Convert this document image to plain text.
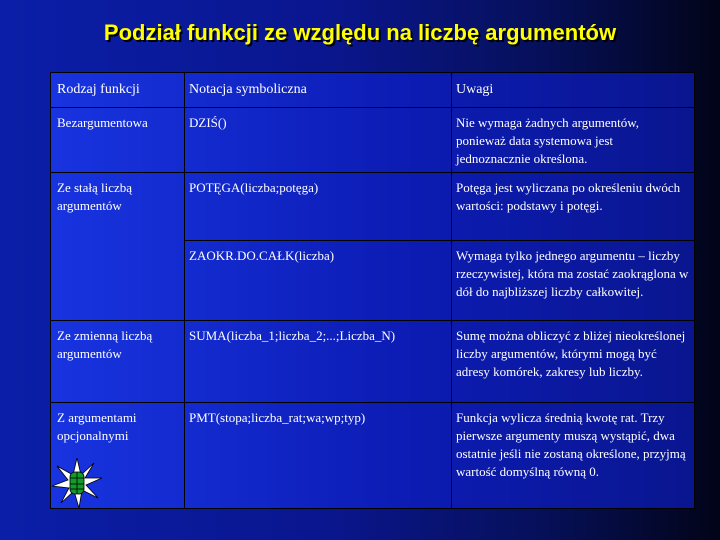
Podział funkcji ze względu na liczbę argumentów
Rodzaj funkcji	Notacja symboliczna	Uwagi

Bezargumentowa	DZIŚ()	Nie wymaga żadnych argumentów, ponieważ data systemowa jest jednoznacznie określona.

Ze stałą liczbą argumentów	POTĘGA(liczba;potęga)	Potęga jest wyliczana po określeniu dwóch wartości: podstawy i potęgi.

	ZAOKR.DO.CAŁK(liczba)	Wymaga tylko jednego argumentu – liczby rzeczywistej, która ma zostać zaokrąglona w dół do najbliższej liczby całkowitej.

Ze zmienną liczbą argumentów	SUMA(liczba_1;liczba_2;...;Liczba_N)	Sumę można obliczyć z bliżej nieokreślonej liczby argumentów, którymi mogą być adresy komórek, zakresy lub liczby.

Z argumentami opcjonalnymi	PMT(stopa;liczba_rat;wa;wp;typ)	Funkcja wylicza średnią kwotę rat. Trzy pierwsze argumenty muszą wystąpić, dwa ostatnie jeśli nie zostaną określone, przyjmą wartość domyślną równą 0.
